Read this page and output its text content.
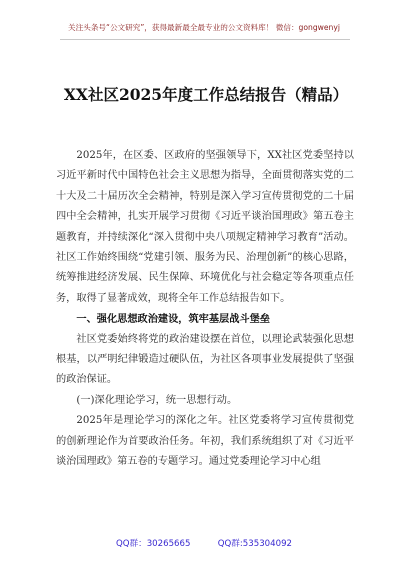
关注头条号“公文研究”，获得最新最全最专业的公文资料库！ 微信：gongwenyj
XX社区2025年度工作总结报告（精品）

2025年，在区委、区政府的坚强领导下，XX社区党委坚持以习近平新时代中国特色社会主义思想为指导，全面贯彻落实党的二十大及二十届历次全会精神，特别是深入学习宣传贯彻党的二十届四中全会精神，扎实开展学习贯彻《习近平谈治国理政》第五卷主题教育，并持续深化“深入贯彻中央八项规定精神学习教育”活动。社区工作始终围绕“党建引领、服务为民、治理创新”的核心思路，统筹推进经济发展、民生保障、环境优化与社会稳定等各项重点任务，取得了显著成效，现将全年工作总结报告如下。

一、强化思想政治建设，筑牢基层战斗堡垒

社区党委始终将党的政治建设摆在首位，以理论武装强化思想根基，以严明纪律锻造过硬队伍，为社区各项事业发展提供了坚强的政治保证。

(一)深化理论学习，统一思想行动。

2025年是理论学习的深化之年。社区党委将学习宣传贯彻党的创新理论作为首要政治任务。年初，我们系统组织了对《习近平谈治国理政》第五卷的专题学习。通过党委理论学习中心组

QQ群：30265665	QQ群:535304092
